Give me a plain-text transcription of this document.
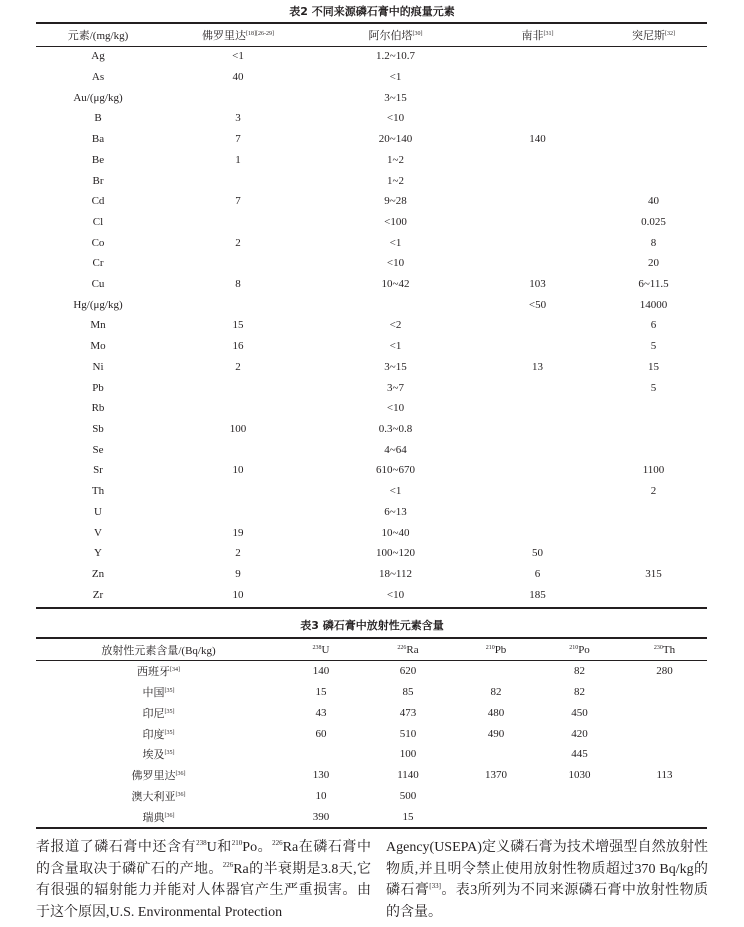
表2 不同来源磷石膏中的痕量元素
元素/(mg/kg)	佛罗里达[18][26-29]	阿尔伯塔[30]	南非[31]	突尼斯[32]
Ag	<1	1.2~10.7		
As	40	<1		
Au/(μg/kg)		3~15		
B	3	<10		
Ba	7	20~140	140	
Be	1	1~2		
Br		1~2		
Cd	7	9~28		40
Cl		<100		0.025
Co	2	<1		8
Cr		<10		20
Cu	8	10~42	103	6~11.5
Hg/(μg/kg)			<50	14000
Mn	15	<2		6
Mo	16	<1		5
Ni	2	3~15	13	15
Pb		3~7		5
Rb		<10		
Sb	100	0.3~0.8		
Se		4~64		
Sr	10	610~670		1100
Th		<1		2
U		6~13		
V	19	10~40		
Y	2	100~120	50	
Zn	9	18~112	6	315
Zr	10	<10	185	
表3 磷石膏中放射性元素含量
放射性元素含量/(Bq/kg)	$^{238}$U	$^{226}$Ra	$^{210}$Pb	$^{210}$Po	$^{230}$Th
西班牙[34]	140	620		82	280
中国[35]	15	85	82	82	
印尼[35]	43	473	480	450	
印度[35]	60	510	490	420	
埃及[35]		100		445	
佛罗里达[36]	130	1140	1370	1030	113
澳大利亚[36]	10	500			
瑞典[36]	390	15			
者报道了磷石膏中还含有$^{238}$U和$^{210}$Po。$^{226}$Ra在磷石膏中的含量取决于磷矿石的产地。$^{226}$Ra的半衰期是3.8天,它有很强的辐射能力并能对人体器官产生严重损害。由于这个原因,U.S. Environmental Protection
Agency(USEPA)定义磷石膏为技术增强型自然放射性物质,并且明令禁止使用放射性物质超过370 Bq/kg的磷石膏[33]。表3所列为不同来源磷石膏中放射性物质的含量。
